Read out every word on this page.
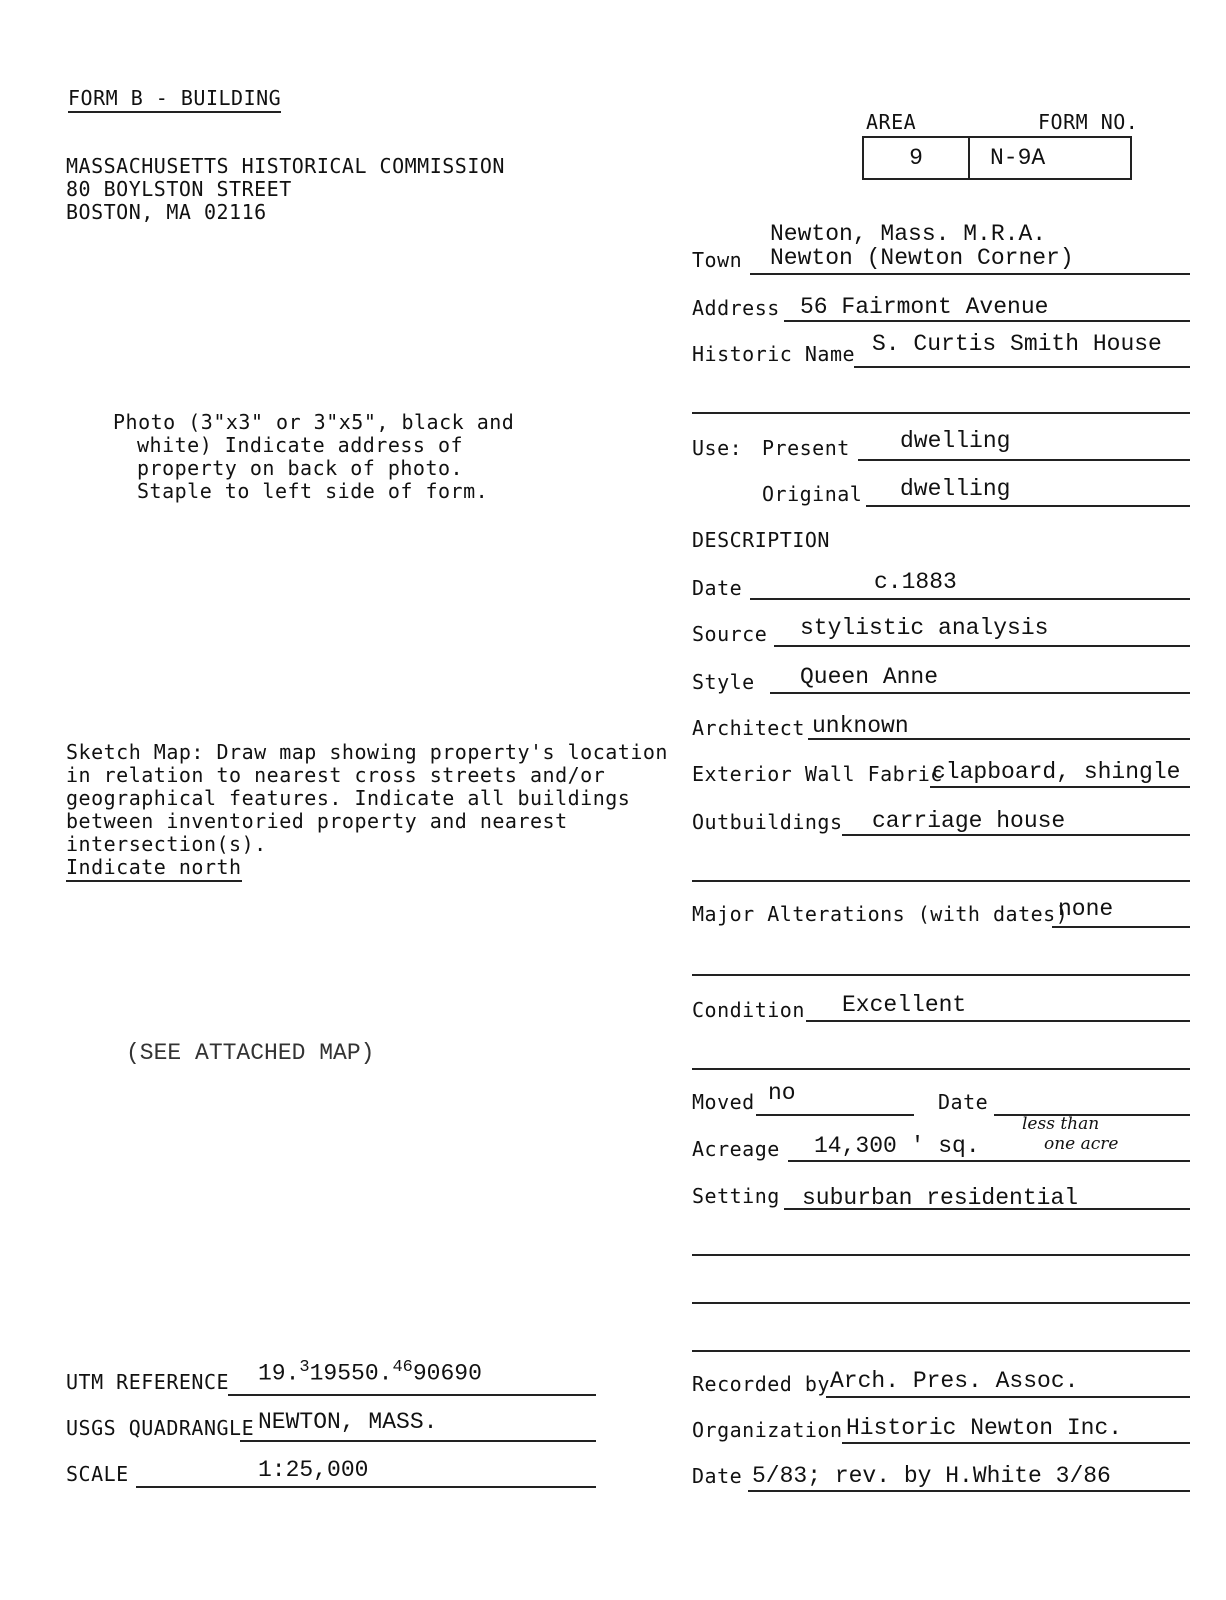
FORM B - BUILDING
MASSACHUSETTS HISTORICAL COMMISSION
80 BOYLSTON STREET
BOSTON, MA 02116
AREA	FORM NO.
9	N-9A
Photo (3"x3" or 3"x5", black and
white) Indicate address of
property on back of photo.
Staple to left side of form.
Sketch Map: Draw map showing property's location
in relation to nearest cross streets and/or
geographical features. Indicate all buildings
between inventoried property and nearest
intersection(s).
Indicate north
(SEE ATTACHED MAP)
UTM REFERENCE 19.$^3$19550.4690690
USGS QUADRANGLE NEWTON, MASS.
SCALE	1:25,000
Newton, Mass. M.R.A.
Town Newton (Newton Corner)
Address 56 Fairmont Avenue
Historic Name S. Curtis Smith House
Use: Present dwelling
Original dwelling
DESCRIPTION
Date	c.1883
Source stylistic analysis
Style Queen Anne
Architect unknown
Exterior Wall Fabric
clapboard, shingle
Outbuildings carriage house
Major Alterations (with dates)
none
Condition Excellent
Moved no	Date
Acreage 14,300 ' sq.
less than
one acre
Setting suburban residential
Recorded by Arch. Pres. Assoc.
Organization Historic Newton Inc.
Date 5/83; rev. by H.White 3/86
